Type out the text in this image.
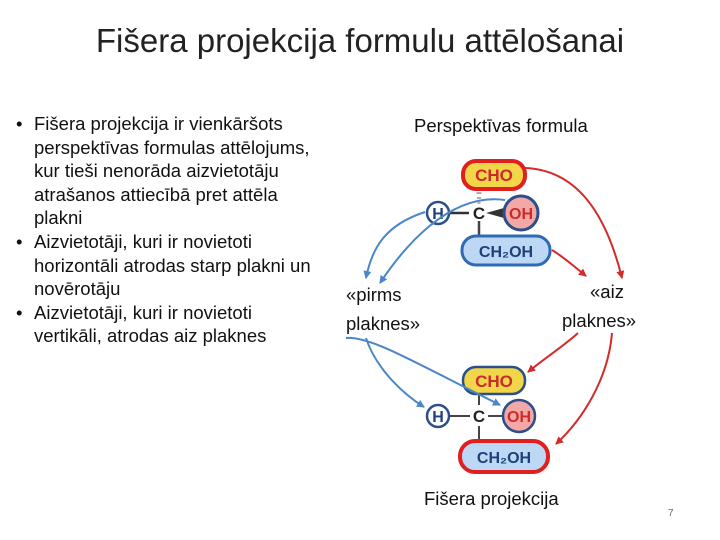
Fišera projekcija formulu attēlošanai
• Fišera projekcija ir vienkāršots perspektīvas formulas attēlojums, kur tieši nenorāda aizvietotāju atrašanos attiecībā pret attēla plakni
• Aizvietotāji, kuri ir novietoti horizontāli atrodas starp plakni un novērotāju
• Aizvietotāji, kuri ir novietoti vertikāli, atrodas aiz plaknes
Perspektīvas formula
«pirms
plaknes»
«aiz
plaknes»
Fišera projekcija
7
CHO
H C OH
CH₂OH
CHO
H C OH
CH₂OH
